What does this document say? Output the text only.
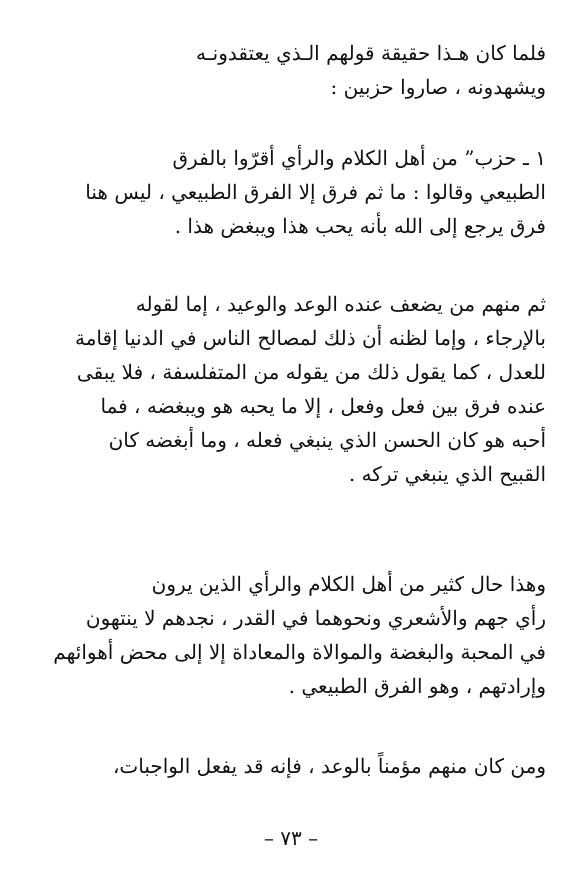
فلما كان هـذا حقيقة قولهم الـذي يعتقدونـه
ويشهدونه ، صاروا حزبين :

١ ـ حزب” من أهل الكلام والرأي أقرّوا بالفرق
الطبيعي وقالوا : ما ثم فرق إلا الفرق الطبيعي ، ليس هنا
فرق يرجع إلى الله بأنه يحب هذا ويبغض هذا .

ثم منهم من يضعف عنده الوعد والوعيد ، إما لقوله
بالإرجاء ، وإما لظنه أن ذلك لمصالح الناس في الدنيا إقامة
للعدل ، كما يقول ذلك من يقوله من المتفلسفة ، فلا يبقى
عنده فرق بين فعل وفعل ، إلا ما يحبه هو ويبغضه ، فما
أحبه هو كان الحسن الذي ينبغي فعله ، وما أبغضه كان
القبيح الذي ينبغي تركه .

وهذا حال كثير من أهل الكلام والرأي الذين يرون
رأي جهم والأشعري ونحوهما في القدر ، نجدهم لا ينتهون
في المحبة والبغضة والموالاة والمعاداة إلا إلى محض أهوائهم
وإرادتهم ، وهو الفرق الطبيعي .

ومن كان منهم مؤمناً بالوعد ، فإنه قد يفعل الواجبات،

– ٧٣ –
